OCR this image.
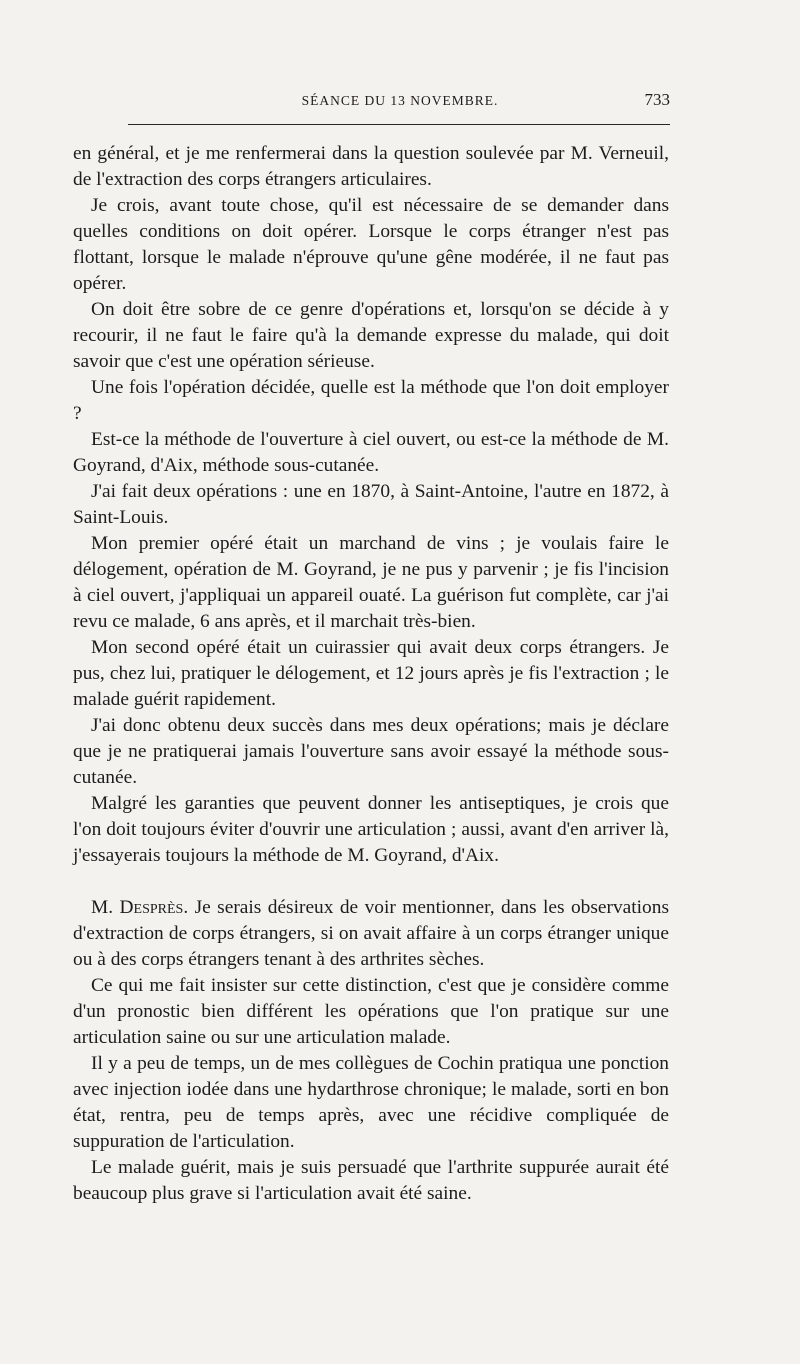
SÉANCE DU 13 NOVEMBRE.	733

en général, et je me renfermerai dans la question soulevée par M. Verneuil, de l'extraction des corps étrangers articulaires.

Je crois, avant toute chose, qu'il est nécessaire de se demander dans quelles conditions on doit opérer. Lorsque le corps étranger n'est pas flottant, lorsque le malade n'éprouve qu'une gêne modérée, il ne faut pas opérer.

On doit être sobre de ce genre d'opérations et, lorsqu'on se décide à y recourir, il ne faut le faire qu'à la demande expresse du malade, qui doit savoir que c'est une opération sérieuse.

Une fois l'opération décidée, quelle est la méthode que l'on doit employer ?

Est-ce la méthode de l'ouverture à ciel ouvert, ou est-ce la méthode de M. Goyrand, d'Aix, méthode sous-cutanée.

J'ai fait deux opérations : une en 1870, à Saint-Antoine, l'autre en 1872, à Saint-Louis.

Mon premier opéré était un marchand de vins ; je voulais faire le délogement, opération de M. Goyrand, je ne pus y parvenir ; je fis l'incision à ciel ouvert, j'appliquai un appareil ouaté. La guérison fut complète, car j'ai revu ce malade, 6 ans après, et il marchait très-bien.

Mon second opéré était un cuirassier qui avait deux corps étrangers. Je pus, chez lui, pratiquer le délogement, et 12 jours après je fis l'extraction ; le malade guérit rapidement.

J'ai donc obtenu deux succès dans mes deux opérations; mais je déclare que je ne pratiquerai jamais l'ouverture sans avoir essayé la méthode sous-cutanée.

Malgré les garanties que peuvent donner les antiseptiques, je crois que l'on doit toujours éviter d'ouvrir une articulation ; aussi, avant d'en arriver là, j'essayerais toujours la méthode de M. Goyrand, d'Aix.

M. Desprès. Je serais désireux de voir mentionner, dans les observations d'extraction de corps étrangers, si on avait affaire à un corps étranger unique ou à des corps étrangers tenant à des arthrites sèches.

Ce qui me fait insister sur cette distinction, c'est que je considère comme d'un pronostic bien différent les opérations que l'on pratique sur une articulation saine ou sur une articulation malade.

Il y a peu de temps, un de mes collègues de Cochin pratiqua une ponction avec injection iodée dans une hydarthrose chronique; le malade, sorti en bon état, rentra, peu de temps après, avec une récidive compliquée de suppuration de l'articulation.

Le malade guérit, mais je suis persuadé que l'arthrite suppurée aurait été beaucoup plus grave si l'articulation avait été saine.
